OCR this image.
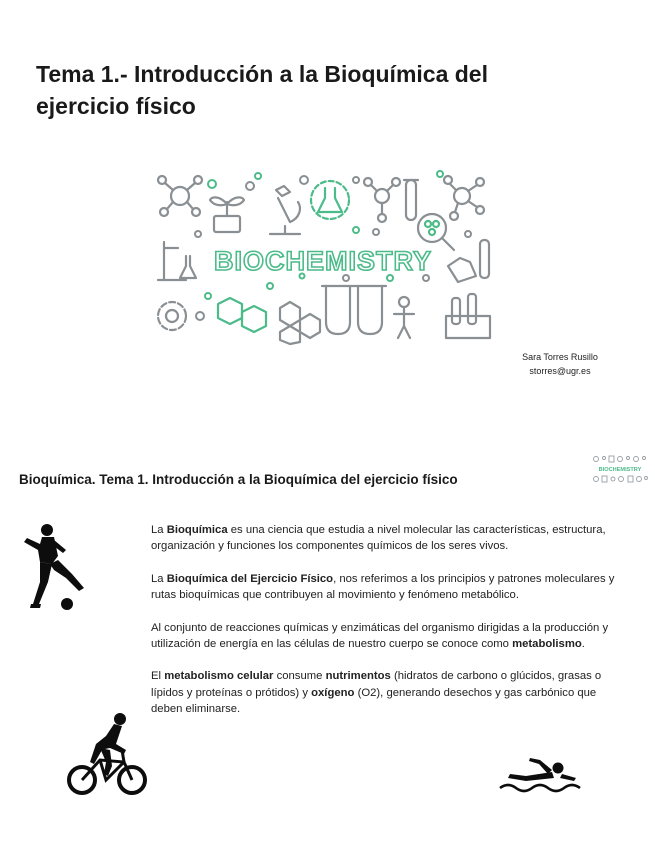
Tema 1.- Introducción a la Bioquímica del ejercicio físico
BIOCHEMISTRY
Sara Torres Rusillo
storres@ugr.es
BIOCHEMISTRY
Bioquímica. Tema 1. Introducción a la Bioquímica del ejercicio físico

La Bioquímica es una ciencia que estudia a nivel molecular las características, estructura, organización y funciones los componentes químicos de los seres vivos.

La Bioquímica del Ejercicio Físico, nos referimos a los principios y patrones moleculares y rutas bioquímicas que contribuyen al movimiento y fenómeno metabólico.

Al conjunto de reacciones químicas y enzimáticas del organismo dirigidas a la producción y utilización de energía en las células de nuestro cuerpo se conoce como metabolismo.

El metabolismo celular consume nutrimentos (hidratos de carbono o glúcidos, grasas o lípidos y proteínas o prótidos) y oxígeno (O2), generando desechos y gas carbónico que deben eliminarse.
